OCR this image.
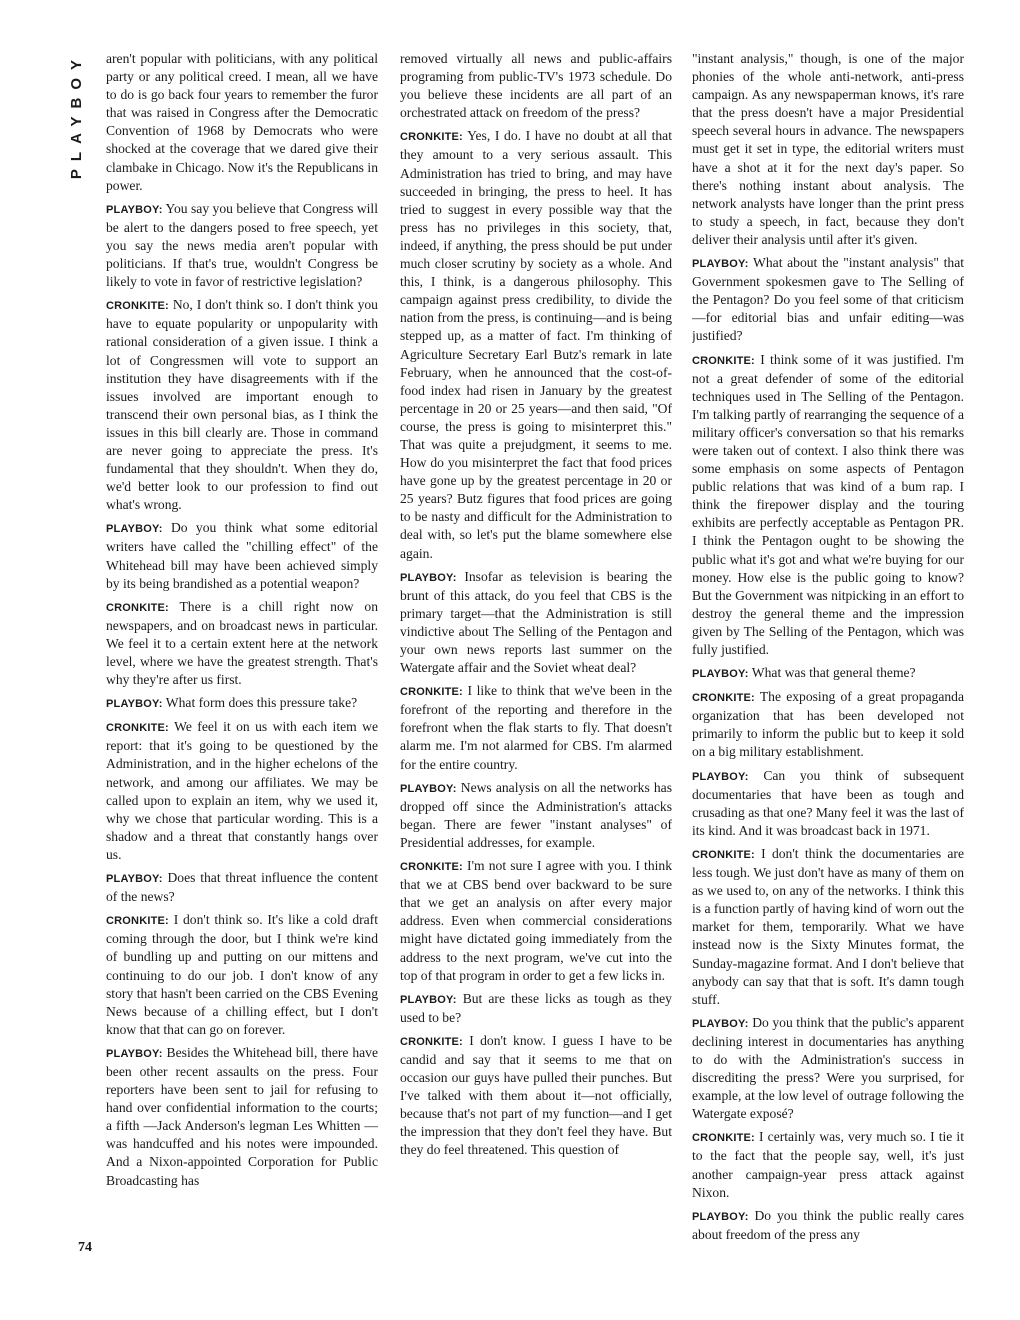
PLAYBOY aren't popular with politicians, with any political party or any political creed. I mean, all we have to do is go back four years to remember the furor that was raised in Congress after the Democratic Convention of 1968 by Democrats who were shocked at the coverage that we dared give their clambake in Chicago. Now it's the Republicans in power.

PLAYBOY: You say you believe that Congress will be alert to the dangers posed to free speech, yet you say the news media aren't popular with politicians. If that's true, wouldn't Congress be likely to vote in favor of restrictive legislation?

CRONKITE: No, I don't think so. I don't think you have to equate popularity or unpopularity with rational consideration of a given issue. I think a lot of Congressmen will vote to support an institution they have disagreements with if the issues involved are important enough to transcend their own personal bias, as I think the issues in this bill clearly are. Those in command are never going to appreciate the press. It's fundamental that they shouldn't. When they do, we'd better look to our profession to find out what's wrong.

PLAYBOY: Do you think what some editorial writers have called the "chilling effect" of the Whitehead bill may have been achieved simply by its being brandished as a potential weapon?

CRONKITE: There is a chill right now on newspapers, and on broadcast news in particular. We feel it to a certain extent here at the network level, where we have the greatest strength. That's why they're after us first.

PLAYBOY: What form does this pressure take?

CRONKITE: We feel it on us with each item we report: that it's going to be questioned by the Administration, and in the higher echelons of the network, and among our affiliates. We may be called upon to explain an item, why we used it, why we chose that particular wording. This is a shadow and a threat that constantly hangs over us.

PLAYBOY: Does that threat influence the content of the news?

CRONKITE: I don't think so. It's like a cold draft coming through the door, but I think we're kind of bundling up and putting on our mittens and continuing to do our job. I don't know of any story that hasn't been carried on the CBS Evening News because of a chilling effect, but I don't know that that can go on forever.

PLAYBOY: Besides the Whitehead bill, there have been other recent assaults on the press. Four reporters have been sent to jail for refusing to hand over confidential information to the courts; a fifth —Jack Anderson's legman Les Whitten —was handcuffed and his notes were impounded. And a Nixon-appointed Corporation for Public Broadcasting has

removed virtually all news and public-affairs programing from public-TV's 1973 schedule. Do you believe these incidents are all part of an orchestrated attack on freedom of the press?

CRONKITE: Yes, I do. I have no doubt at all that they amount to a very serious assault. This Administration has tried to bring, and may have succeeded in bringing, the press to heel. It has tried to suggest in every possible way that the press has no privileges in this society, that, indeed, if anything, the press should be put under much closer scrutiny by society as a whole. And this, I think, is a dangerous philosophy. This campaign against press credibility, to divide the nation from the press, is continuing—and is being stepped up, as a matter of fact. I'm thinking of Agriculture Secretary Earl Butz's remark in late February, when he announced that the cost-of-food index had risen in January by the greatest percentage in 20 or 25 years—and then said, "Of course, the press is going to misinterpret this." That was quite a prejudgment, it seems to me. How do you misinterpret the fact that food prices have gone up by the greatest percentage in 20 or 25 years? Butz figures that food prices are going to be nasty and difficult for the Administration to deal with, so let's put the blame somewhere else again.

PLAYBOY: Insofar as television is bearing the brunt of this attack, do you feel that CBS is the primary target—that the Administration is still vindictive about The Selling of the Pentagon and your own news reports last summer on the Watergate affair and the Soviet wheat deal?

CRONKITE: I like to think that we've been in the forefront of the reporting and therefore in the forefront when the flak starts to fly. That doesn't alarm me. I'm not alarmed for CBS. I'm alarmed for the entire country.

PLAYBOY: News analysis on all the networks has dropped off since the Administration's attacks began. There are fewer "instant analyses" of Presidential addresses, for example.

CRONKITE: I'm not sure I agree with you. I think that we at CBS bend over backward to be sure that we get an analysis on after every major address. Even when commercial considerations might have dictated going immediately from the address to the next program, we've cut into the top of that program in order to get a few licks in.

PLAYBOY: But are these licks as tough as they used to be?

CRONKITE: I don't know. I guess I have to be candid and say that it seems to me that on occasion our guys have pulled their punches. But I've talked with them about it—not officially, because that's not part of my function—and I get the impression that they don't feel they have. But they do feel threatened. This question of

"instant analysis," though, is one of the major phonies of the whole anti-network, anti-press campaign. As any newspaperman knows, it's rare that the press doesn't have a major Presidential speech several hours in advance. The newspapers must get it set in type, the editorial writers must have a shot at it for the next day's paper. So there's nothing instant about analysis. The network analysts have longer than the print press to study a speech, in fact, because they don't deliver their analysis until after it's given.

PLAYBOY: What about the "instant analysis" that Government spokesmen gave to The Selling of the Pentagon? Do you feel some of that criticism—for editorial bias and unfair editing—was justified?

CRONKITE: I think some of it was justified. I'm not a great defender of some of the editorial techniques used in The Selling of the Pentagon. I'm talking partly of rearranging the sequence of a military officer's conversation so that his remarks were taken out of context. I also think there was some emphasis on some aspects of Pentagon public relations that was kind of a bum rap. I think the firepower display and the touring exhibits are perfectly acceptable as Pentagon PR. I think the Pentagon ought to be showing the public what it's got and what we're buying for our money. How else is the public going to know? But the Government was nitpicking in an effort to destroy the general theme and the impression given by The Selling of the Pentagon, which was fully justified.

PLAYBOY: What was that general theme?

CRONKITE: The exposing of a great propaganda organization that has been developed not primarily to inform the public but to keep it sold on a big military establishment.

PLAYBOY: Can you think of subsequent documentaries that have been as tough and crusading as that one? Many feel it was the last of its kind. And it was broadcast back in 1971.

CRONKITE: I don't think the documentaries are less tough. We just don't have as many of them on as we used to, on any of the networks. I think this is a function partly of having kind of worn out the market for them, temporarily. What we have instead now is the Sixty Minutes format, the Sunday-magazine format. And I don't believe that anybody can say that that is soft. It's damn tough stuff.

PLAYBOY: Do you think that the public's apparent declining interest in documentaries has anything to do with the Administration's success in discrediting the press? Were you surprised, for example, at the low level of outrage following the Watergate exposé?

CRONKITE: I certainly was, very much so. I tie it to the fact that the people say, well, it's just another campaign-year press attack against Nixon.

PLAYBOY: Do you think the public really cares about freedom of the press any

74
